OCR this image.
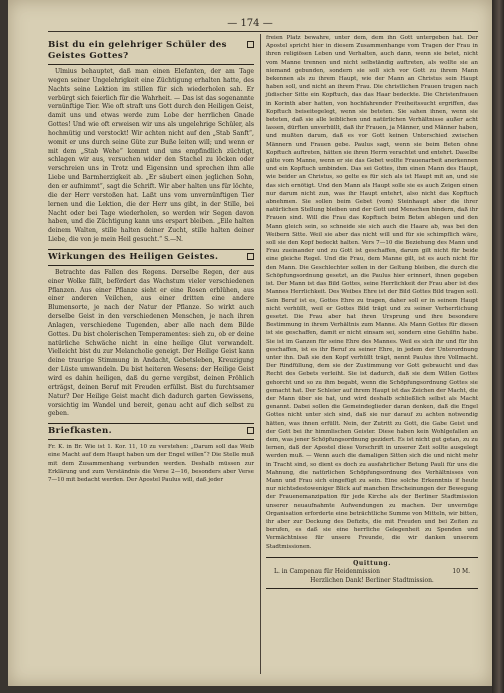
— 174 —
Bist du ein gelehriger Schüler des Geistes Gottes?

Ulmius behauptet, daß man einen Elefanten, der am Tage wegen seiner Ungelehrigkeit eine Züchtigung erhalten hatte, des Nachts seine Lektion im stillen für sich wiederholen sah. Er verbürgt sich feierlich für die Wahrheit. — Das ist das sogenannte vernünftige Tier. Wie oft straft uns Gott durch den Heiligen Geist, damit uns und etwas werde zum Lobe der herrlichen Gnade Gottes! Und wie oft erweisen wir uns als ungelehrige Schüler, als hochmütig und verstockt! Wir achten nicht auf den „Stab Sanft“, womit er uns durch seine Güte zur Buße leiten will; und wenn er mit dem „Stab Wehe“ kommt und uns empfindlich züchtigt, schlagen wir aus, versuchen wider den Stachel zu löcken oder verschreien uns in Trotz und Eigensinn und sprechen ihm alle Liebe und Barmherzigkeit ab. „Er säubert einen jeglichen Sohn, den er aufnimmt“, sagt die Schrift. Wir aber halten uns für löchte, die der Herr verstoßen hat. Laßt uns vom unvernünftigen Tier lernen und die Lektion, die der Herr uns gibt, in der Stille, bei Nacht oder bei Tage wiederholen, so werden wir Segen davon haben, und die Züchtigung kann uns erspart bleiben. „Eile halten deinem Walten, stille halten deiner Zucht, stille halten deiner Liebe, die von je mein Heil gesucht.“ S.—N.

Wirkungen des Heiligen Geistes.

Betrachte das Fallen des Regens. Derselbe Regen, der aus einer Wolke fällt, befördert das Wachstum vieler verschiedenen Pflanzen. Aus einer Pflanze sieht er eine Rosen erblühen, aus einer anderen Veilchen, aus einer dritten eine andere Blumensorte, je nach der Natur der Pflanze. So wirkt auch derselbe Geist in den verschiedenen Menschen, je nach ihren Anlagen, verschiedene Tugenden, aber alle nach dem Bilde Gottes. Du bist cholerischen Temperamentes: sieh zu, ob er deine natürliche Schwäche nicht in eine heilige Glut verwandelt. Vielleicht bist du zur Melancholie geneigt. Der Heilige Geist kann deine traurige Stimmung in Andacht, Gebetsleben, Kreuzigung der Lüste umwandeln. Du bist heiteren Wesens: der Heilige Geist wird es dahin heiligen, daß du gerne vergibst, deinen Fröhlich erträgst, deinen Beruf mit Freuden erfüllst. Bist du furchtsamer Natur? Der Heilige Geist macht dich dadurch garten Gewissens, vorsichtig im Wandel und bereit, genau acht auf dich selbst zu geben.

Briefkasten.

Fr. K. in Br. Wie ist 1. Kor. 11, 10 zu verstehen: „Darum soll das Weib eine Macht auf dem Haupt haben um der Engel willen“? Die Stelle muß mit dem Zusammenhang verbunden werden. Deshalb müssen zur Erklärung und zum Verständnis die Verse 2—16, besonders aber Verse 7—10 mit bedacht werden. Der Apostel Paulus will, daß jeder

freien Platz bewahre, unter dem, dem ihn Gott untergeben hat. Der Apostel spricht hier in diesem Zusammenhange vom Tragen der Frau in ihren religiösen Leben und Verhalten, auch dann, wenn sie betet, nicht vom Manne trennen und nicht selbständig auftreten, als wollte sie an niemand gebunden, sondern sie soll sich vor Gott zu ihrem Mann bekennen als zu ihrem Haupt, wie der Mann an Christus sein Haupt haben soll, und nicht an ihrem Frau. Die christlichen Frauen trugen nach jüdischer Sitte ein Kopftuch, das das Haar bedeckte. Die Christenfrauen in Korinth aber hatten, von hochfahrender Freiheitssucht ergriffen, das Kopftuch beiseitegelegt, wenn sie beteten. Sie sahen ihnen, wenn sie beteten, daß sie alle leiblichen und natürlichen Verhältnisse außer acht lassen, dürften unverhüllt, daß ihr Frauen, ja Männer, und Männer haben, und mußten darum, daß es vor Gott keinen Unterschied zwischen Männern und Frauen gebe. Paulus sagt, wenn sie beim Beten ohne Kopftuch auftreten, hätten sie ihren Herrn verachtet und entehrt. Daselbe gälte vom Manne, wenn er sie das Gebet wollte Frauenarbeit anerkennen und ein Kopftuch umbinden. Das sei Gottes, ihm einen Mann des Haupt, wie beider an Christus, so gelte es für sich als ist Haupt mit an, und sie das sich ernötigt. Und den Mann als Haupt solle sie es auch Zeigen einen nur darum nicht zun, was ihr Haupt entehrt, also nicht das Kopftuch abnehmen. Sie sollen beim Gebet (vom) Steinhaupt aber die ihrer natürlichen Stellung bleiben und der Gott und Menschen hindern, daß ihr Frauen sind. Will die Frau das Kopftuch beim Beten ablegen und den Mann gleich sein, so schneide sie sich auch die Haare ab, was bei den Weibern Sitte. Weil sie aber das nicht will und für sie schimpflich wäre, soll sie den Kopf bedeckt halten. Vers 7—10 die Beziehung des Mann und Frau zueinander und zu Gott ist geschaffen, darum gilt nicht für beide eine gleiche Regel. Und die Frau, dem Manne gilt, ist es auch nicht für den Mann. Die Geschlechter sollen in der Geltung bleiben, die durch die Schöpfungsordnung gesetzt, an die Paulus hier erinnert, ihnen gegeben ist. Der Mann ist das Bild Gottes, seine Herrlichkeit der Frau aber ist des Mannes Herrlichkeit. Des Weibes Ehre ist der Bild Gottes Bild tragen soll. Sein Beruf ist es, Gottes Ehre zu tragen, daher soll er in seinem Haupt nicht verhüllt, weil er Gottes Bild trägt und zu seiner Verherrlichung gesetzt. Die Frau aber hat ihren Ursprung und ihre besondere Bestimmung in ihrem Verhältnis zum Manne. Als Mann Gottes für diesen ist sie geschaffen, damit er nicht einsam sei, sondern eine Gehilfin habe. Sie ist im Ganzen für seine Ehre des Mannes. Weil es sich ihr und für ihn geschaffen, ist es ihr Beruf zu seiner Ehre, in jedem der Unterordnung unter ihn. Daß sie den Kopf verhüllt trägt, nennt Paulus ihre Vollmacht. Der Rindfüllung, dem sie der Zustimmung vor Gott gebraucht und das Recht des Gebets verleiht. Sie ist dadurch, daß sie dem Willen Gottes gehorcht und so zu ihm begabt, wenn die Schöpfungsordnung Gottes sie gemacht hat. Der Schleier auf ihrem Haupt ist das Zeichen der Macht, die der Mann über sie hat, und wird deshalb schließlich selbst als Macht genannt. Dabei sollen die Gemeindeglieder daran denken, daß die Engel Gottes nicht unter sich sind, daß sie nur darauf zu achten notwendig hätten, was ihnen erfüllt. Nein, der Zutritt zu Gott, die Gabe Geist und der Gott bei ihr himmlischen Geister. Diese haben kein Wohlgefallen an dem, was jener Schöpfungsordnung gezidert. Es ist nicht gut getan, zu zu lernen, daß der Apostel diese Vorschrift in unserer Zeit sollte ausgelegt werden muß. — Wenn auch die damaligen Sitten sich die und nicht mehr in Tracht sind, so dient es doch zu ausfahrlicher Betung Pauli für uns die Mahnung, die natürlichen Schöpfungsordnung des Verhältnisses von Mann und Frau sich eingefügt zu sein. Eine solche Erkenntnis if heute nur nichtsdestoweniger Blick auf manchen Erscheinungen der Bewegung der Frauenemanzipation für jede Kirche als der Berliner Stadtmission unserer neuaufnahmte Aufwendungen zu machen. Der unvernüge Organisation erforderte eine beträchtliche Summe von Mitteln, wir bitten, ihr aber zur Deckung des Defizits, die mit Freuden und bei Zeiten zu berufen, es daß sie eine herrliche Gelegenheit zu Spenden und Vermächtnisse für unsere Freunde, die wir danken unserem Stadtmissionen.

Quittung.
L. in Campenau für Heidenmission	10 M.
Herzlichen Dank! Berliner Stadtmission.
